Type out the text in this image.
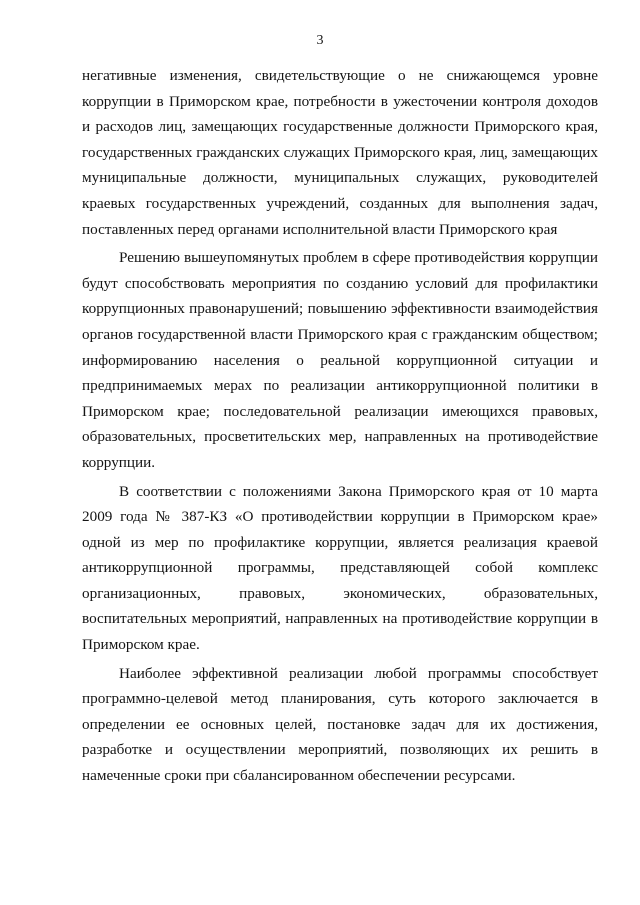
3

негативные изменения, свидетельствующие о не снижающемся уровне коррупции в Приморском крае, потребности в ужесточении контроля доходов и расходов лиц, замещающих государственные должности Приморского края, государственных гражданских служащих Приморского края, лиц, замещающих муниципальные должности, муниципальных служащих, руководителей краевых государственных учреждений, созданных для выполнения задач, поставленных перед органами исполнительной власти Приморского края

Решению вышеупомянутых проблем в сфере противодействия коррупции будут способствовать мероприятия по созданию условий для профилактики коррупционных правонарушений; повышению эффективности взаимодействия органов государственной власти Приморского края с гражданским обществом; информированию населения о реальной коррупционной ситуации и предпринимаемых мерах по реализации антикоррупционной политики в Приморском крае; последовательной реализации имеющихся правовых, образовательных, просветительских мер, направленных на противодействие коррупции.

В соответствии с положениями Закона Приморского края от 10 марта 2009 года № 387-КЗ «О противодействии коррупции в Приморском крае» одной из мер по профилактике коррупции, является реализация краевой антикоррупционной программы, представляющей собой комплекс организационных, правовых, экономических, образовательных, воспитательных мероприятий, направленных на противодействие коррупции в Приморском крае.

Наиболее эффективной реализации любой программы способствует программно-целевой метод планирования, суть которого заключается в определении ее основных целей, постановке задач для их достижения, разработке и осуществлении мероприятий, позволяющих их решить в намеченные сроки при сбалансированном обеспечении ресурсами.
